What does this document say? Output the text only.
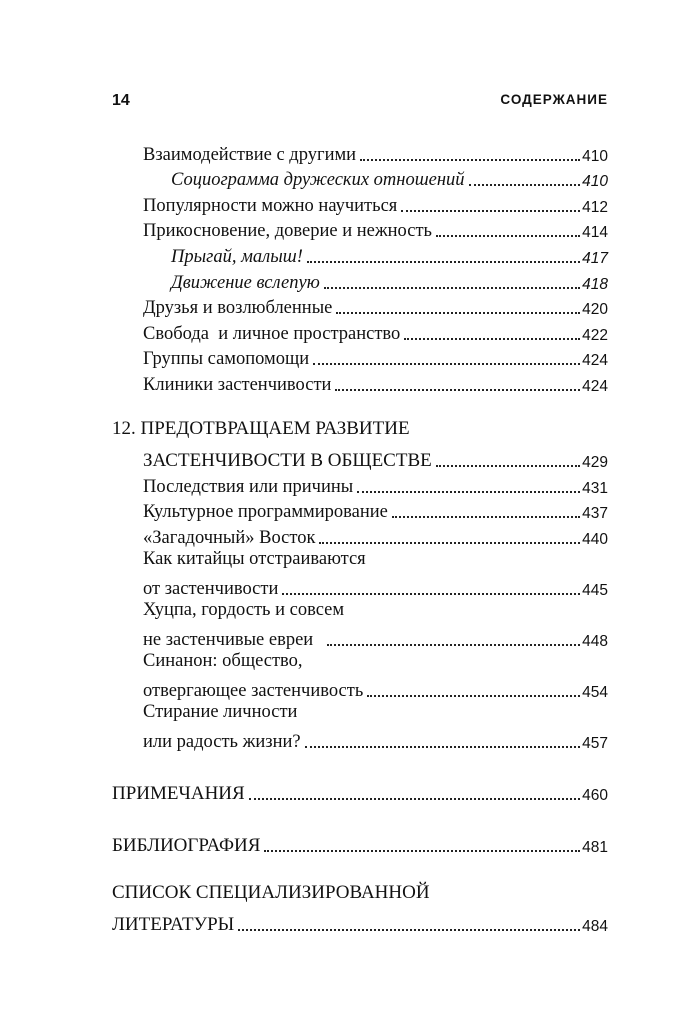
14	СОДЕРЖАНИЕ
Взаимодействие с другими	410
Социограмма дружеских отношений	410
Популярности можно научиться	412
Прикосновение, доверие и нежность	414
Прыгай, малыш!	417
Движение вслепую	418
Друзья и возлюбленные	420
Свобода  и личное пространство	422
Группы самопомощи	424
Клиники застенчивости	424
12. ПРЕДОТВРАЩАЕМ РАЗВИТИЕ
ЗАСТЕНЧИВОСТИ В ОБЩЕСТВЕ	429
Последствия или причины	431
Культурное программирование	437
«Загадочный» Восток	440
Как китайцы отстраиваются
от застенчивости	445
Хуцпа, гордость и совсем
не застенчивые евреи	448
Синанон: общество,
отвергающее застенчивость	454
Стирание личности
или радость жизни?	457
ПРИМЕЧАНИЯ	460
БИБЛИОГРАФИЯ	481
СПИСОК СПЕЦИАЛИЗИРОВАННОЙ
ЛИТЕРАТУРЫ	484
